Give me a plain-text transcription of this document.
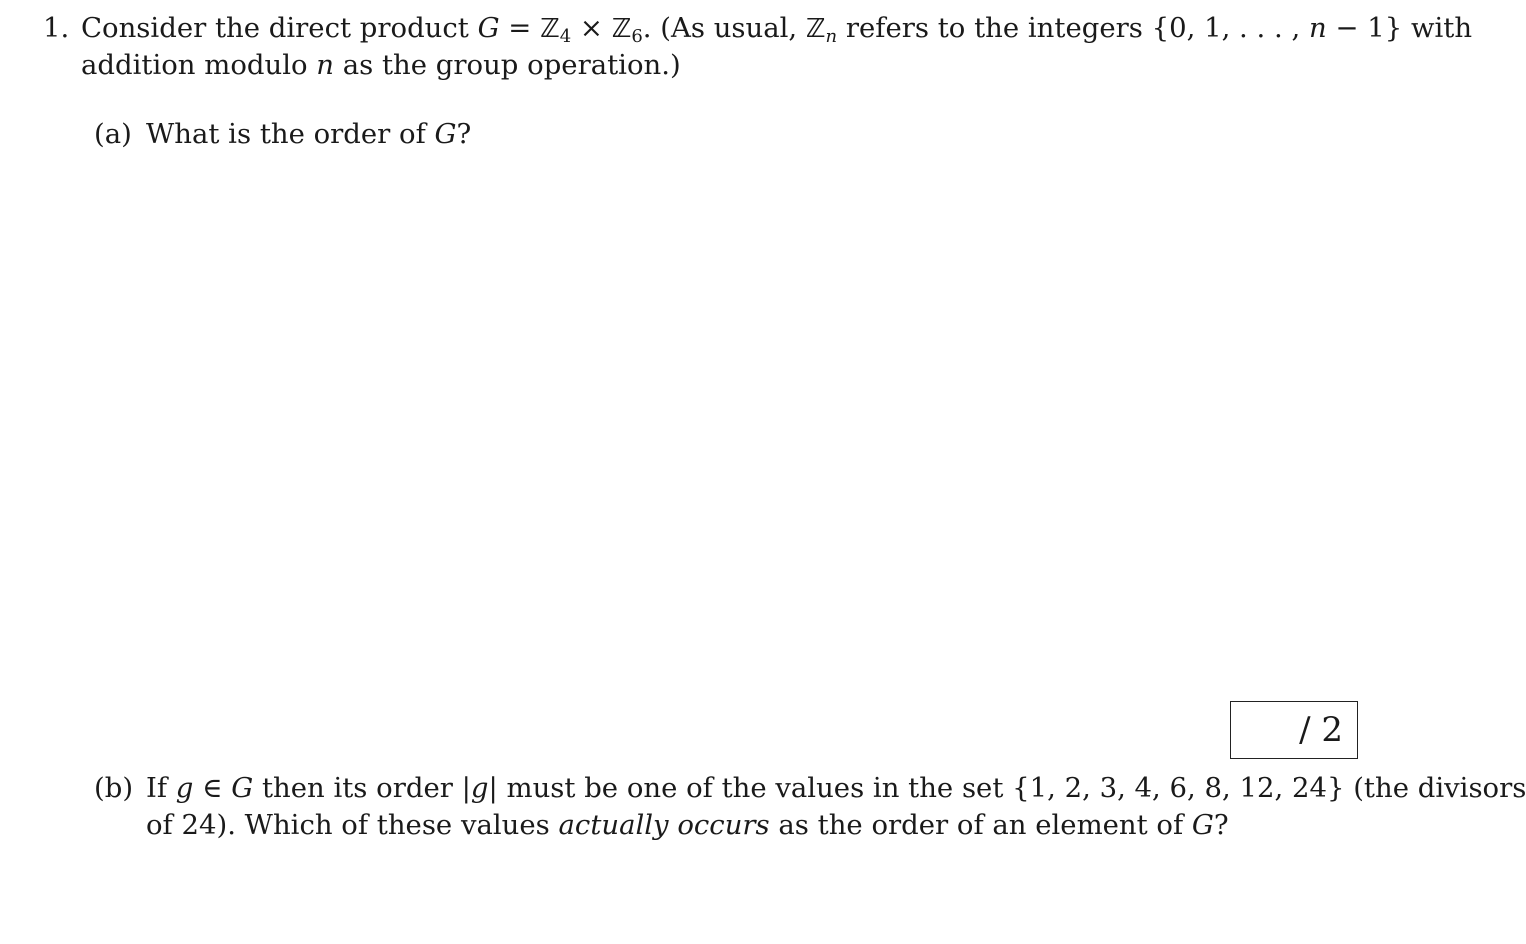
1. Consider the direct product G = ℤ$_4$ × ℤ$_6$. (As usual, ℤ$_n$ refers to the integers {0, 1, . . . , n − 1} with
addition modulo n as the group operation.)
(a) What is the order of G?
/ 2
(b) If g ∈ G then its order |g| must be one of the values in the set {1, 2, 3, 4, 6, 8, 12, 24} (the divisors
of 24). Which of these values actually occurs as the order of an element of G?
